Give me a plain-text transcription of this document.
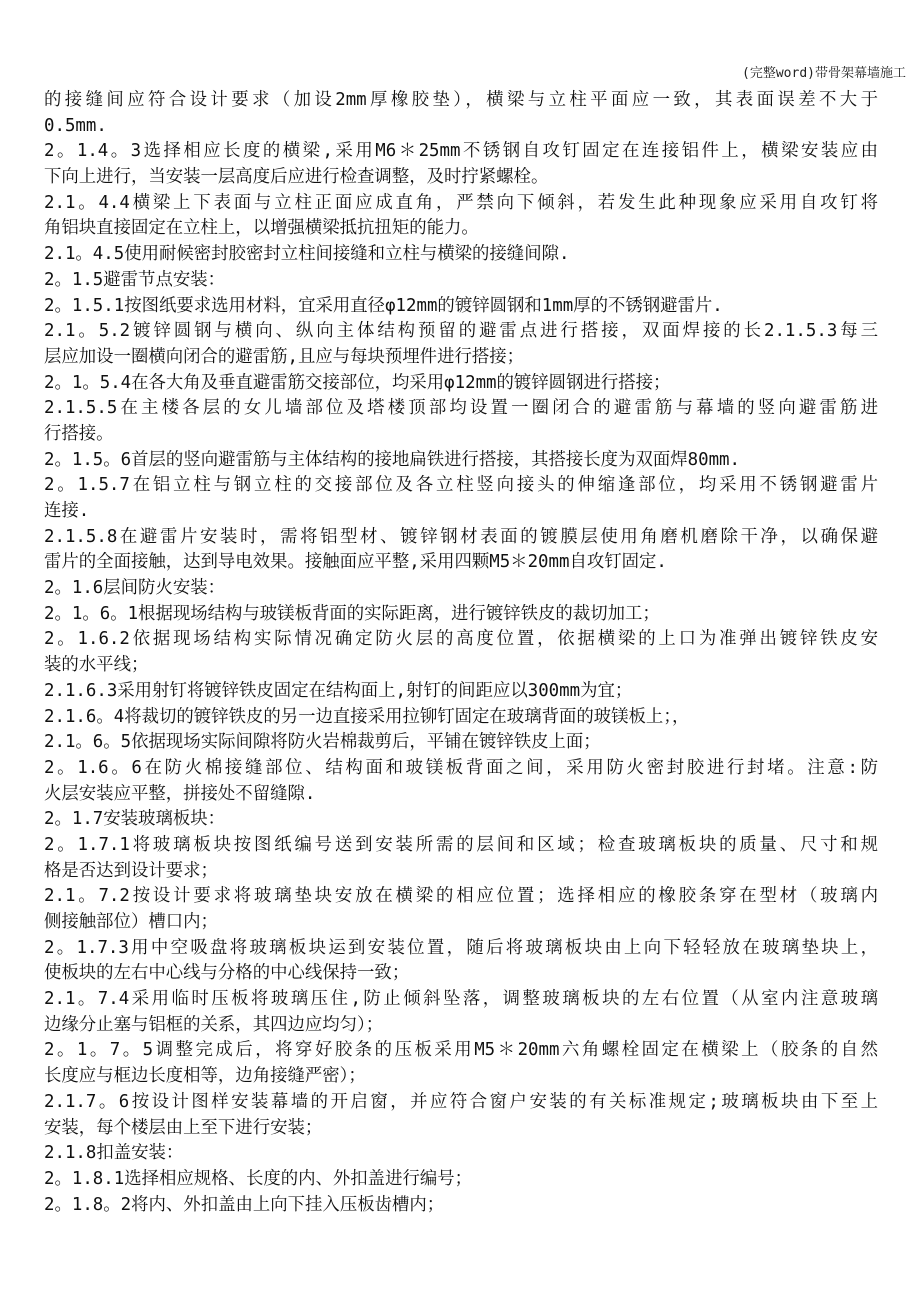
(完整word)带骨架幕墙施工
的接缝间应符合设计要求（加设2mm厚橡胶垫），横梁与立柱平面应一致，其表面误差不大于
0.5mm.
2。1.4。3选择相应长度的横梁,采用M6＊25mm不锈钢自攻钉固定在连接铝件上，横梁安装应由
下向上进行，当安装一层高度后应进行检查调整，及时拧紧螺栓。
2.1。4.4横梁上下表面与立柱正面应成直角，严禁向下倾斜，若发生此种现象应采用自攻钉将
角铝块直接固定在立柱上，以增强横梁抵抗扭矩的能力。
2.1。4.5使用耐候密封胶密封立柱间接缝和立柱与横梁的接缝间隙.
2。1.5避雷节点安装：
2。1.5.1按图纸要求选用材料，宜采用直径φ12mm的镀锌圆钢和1mm厚的不锈钢避雷片.
2.1。5.2镀锌圆钢与横向、纵向主体结构预留的避雷点进行搭接，双面焊接的长2.1.5.3每三
层应加设一圈横向闭合的避雷筋,且应与每块预埋件进行搭接；
2。1。5.4在各大角及垂直避雷筋交接部位，均采用φ12mm的镀锌圆钢进行搭接；
2.1.5.5在主楼各层的女儿墙部位及塔楼顶部均设置一圈闭合的避雷筋与幕墙的竖向避雷筋进
行搭接。
2。1.5。6首层的竖向避雷筋与主体结构的接地扁铁进行搭接，其搭接长度为双面焊80mm.
2。1.5.7在铝立柱与钢立柱的交接部位及各立柱竖向接头的伸缩逢部位，均采用不锈钢避雷片
连接.
2.1.5.8在避雷片安装时，需将铝型材、镀锌钢材表面的镀膜层使用角磨机磨除干净，以确保避
雷片的全面接触，达到导电效果。接触面应平整,采用四颗M5＊20mm自攻钉固定.
2。1.6层间防火安装：
2。1。6。1根据现场结构与玻镁板背面的实际距离，进行镀锌铁皮的裁切加工；
2。1.6.2依据现场结构实际情况确定防火层的高度位置，依据横梁的上口为准弹出镀锌铁皮安
装的水平线；
2.1.6.3采用射钉将镀锌铁皮固定在结构面上,射钉的间距应以300mm为宜；
2.1.6。4将裁切的镀锌铁皮的另一边直接采用拉铆钉固定在玻璃背面的玻镁板上；，
2.1。6。5依据现场实际间隙将防火岩棉裁剪后，平铺在镀锌铁皮上面；
2。1.6。6在防火棉接缝部位、结构面和玻镁板背面之间，采用防火密封胶进行封堵。注意:防
火层安装应平整，拼接处不留缝隙.
2。1.7安装玻璃板块：
2。1.7.1将玻璃板块按图纸编号送到安装所需的层间和区域；检查玻璃板块的质量、尺寸和规
格是否达到设计要求；
2.1。7.2按设计要求将玻璃垫块安放在横梁的相应位置；选择相应的橡胶条穿在型材（玻璃内
侧接触部位）槽口内；
2。1.7.3用中空吸盘将玻璃板块运到安装位置，随后将玻璃板块由上向下轻轻放在玻璃垫块上，
使板块的左右中心线与分格的中心线保持一致；
2.1。7.4采用临时压板将玻璃压住,防止倾斜坠落，调整玻璃板块的左右位置（从室内注意玻璃
边缘分止塞与铝框的关系，其四边应均匀）；
2。1。7。5调整完成后，将穿好胶条的压板采用M5＊20mm六角螺栓固定在横梁上（胶条的自然
长度应与框边长度相等，边角接缝严密）；
2.1.7。6按设计图样安装幕墙的开启窗，并应符合窗户安装的有关标准规定;玻璃板块由下至上
安装，每个楼层由上至下进行安装；
2.1.8扣盖安装：
2。1.8.1选择相应规格、长度的内、外扣盖进行编号；
2。1.8。2将内、外扣盖由上向下挂入压板齿槽内；
